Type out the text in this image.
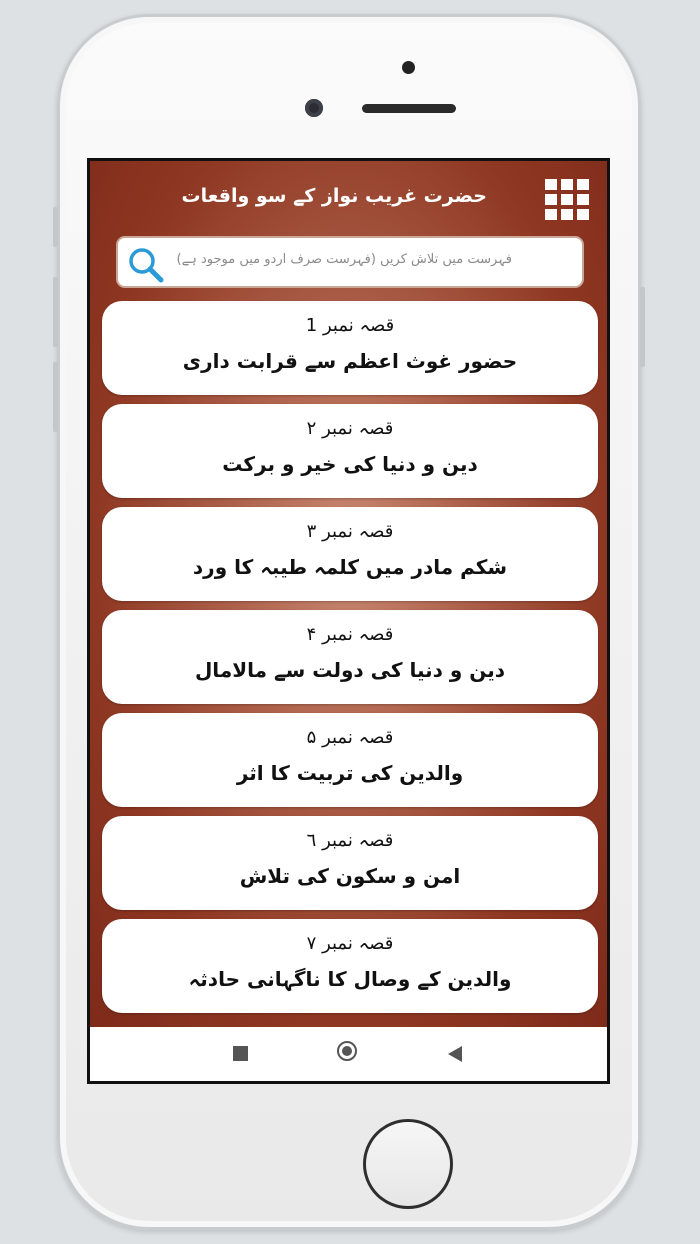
حضرت غریب نواز کے سو واقعات
فہرست میں تلاش کریں (فہرست صرف اردو میں موجود ہے)
قصہ نمبر 1
حضور غوث اعظم سے قرابت داری
قصہ نمبر ۲
دین و دنیا کی خیر و برکت
قصہ نمبر ۳
شکم مادر میں کلمہ طیبہ کا ورد
قصہ نمبر ۴
دین و دنیا کی دولت سے مالامال
قصہ نمبر ۵
والدین کی تربیت کا اثر
قصہ نمبر ٦
امن و سکون کی تلاش
قصہ نمبر ۷
والدین کے وصال کا ناگہانی حادثہ
